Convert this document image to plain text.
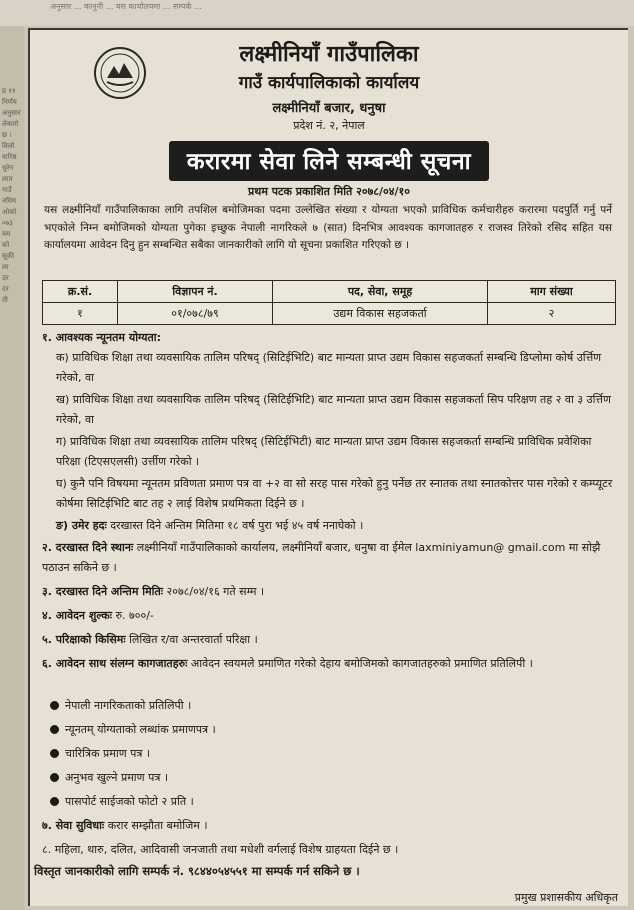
अनुसार ... कानुनी ... यस कार्यालयमा ... सम्पर्क ...
प्र ११
निर्णय
अनुसार
लेकारो
छ ।
विलो
वारिष्ठ
चुरेन
लात
गाउँ
नमिम
ओको
०७३
यम
को
सूकी
ला
उर
दर
ती

लक्ष्मीनियाँ गाउँपालिका

गाउँ कार्यपालिकाको कार्यालय

लक्ष्मीनियाँ बजार, धनुषा

प्रदेश नं. २, नेपाल

करारमा सेवा लिने सम्बन्धी सूचना
प्रथम पटक प्रकाशित मिति २०७८/०४/१०
यस लक्ष्मीनियाँ गाउँपालिकाका लागि तपशिल बमोजिमका पदमा उल्लेखित संख्या र योग्यता भएको प्राविधिक कर्मचारीहरु करारमा पदपुर्ति गर्नु पर्ने भएकोले निम्न बमोजिमको योग्यता पुगेका इच्छुक नेपाली नागरिकले ७ (सात) दिनभित्र आवश्यक कागजातहरु र राजस्व तिरेको रसिद सहित यस कार्यालयमा आवेदन दिनु हुन सम्बन्धित सबैका जानकारीको लागि यो सूचना प्रकाशित गरिएको छ ।
क्र.सं.	विज्ञापन नं.	पद, सेवा, समूह	माग संख्या
१	०१/०७८/७९	उद्यम विकास सहजकर्ता	२

१. आवश्यक न्यूनतम योग्यता:

क) प्राविधिक शिक्षा तथा व्यवसायिक तालिम परिषद् (सिटिईभिटि) बाट मान्यता प्राप्त उद्यम विकास सहजकर्ता सम्बन्धि डिप्लोमा कोर्ष उर्त्तिण गरेको, वा

ख) प्राविधिक शिक्षा तथा व्यवसायिक तालिम परिषद् (सिटिईभिटि) बाट मान्यता प्राप्त उद्यम विकास सहजकर्ता सिप परिक्षण तह २ वा ३ उर्त्तिण गरेको, वा

ग) प्राविधिक शिक्षा तथा व्यवसायिक तालिम परिषद् (सिटिईभिटी) बाट मान्यता प्राप्त उद्यम विकास सहजकर्ता सम्बन्धि प्राविधिक प्रवेशिका परिक्षा (टिएसएलसी) उर्त्तीण गरेको ।

घ) कुनै पनि विषयमा न्यूनतम प्रविणता प्रमाण पत्र वा +२ वा सो सरह पास गरेको हुनु पर्नेछ तर स्नातक तथा स्नातकोत्तर पास गरेको र कम्प्यूटर कोर्षमा सिटिईभिटि बाट तह २ लाई विशेष प्रथमिकता दिईने छ ।

ङ) उमेर हदः दरखास्त दिने अन्तिम मितिमा १८ वर्ष पुरा भई ४५ वर्ष ननाघेको ।

२. दरखास्त दिने स्थानः लक्ष्मीनियाँ गाउँपालिकाको कार्यालय, लक्ष्मीनियाँ बजार, धनुषा वा ईमेल laxminiyamun@ gmail.com मा सोझै पठाउन सकिने छ ।

३. दरखास्त दिने अन्तिम मितिः २०७८/०४/१६ गते सम्म ।

४. आवेदन शुल्कः रु. ७००/-

५. परिक्षाको किसिमः लिखित र/वा अन्तरवार्ता परिक्षा ।

६. आवेदन साथ संलग्न कागजातहरुः आवेदन स्वयमले प्रमाणित गरेको देहाय बमोजिमको कागजातहरुको प्रमाणित प्रतिलिपी ।

नेपाली नागरिकताको प्रतिलिपी ।
न्यूनतम् योग्यताको लब्धांक प्रमाणपत्र ।
चारित्रिक प्रमाण पत्र ।
अनुभव खुल्ने प्रमाण पत्र ।
पासपोर्ट साईजको फोटो २ प्रति ।

७. सेवा सुविधाः करार सम्झौता बमोजिम ।

८. महिला, थारु, दलित, आदिवासी जनजाती तथा मधेशी वर्गलाई विशेष ग्राहयता दिईने छ ।

विस्तृत जानकारीको लागि सम्पर्क नं. ९८४४०५४५५१ मा सम्पर्क गर्न सकिने छ ।
प्रमुख प्रशासकीय अधिकृत
